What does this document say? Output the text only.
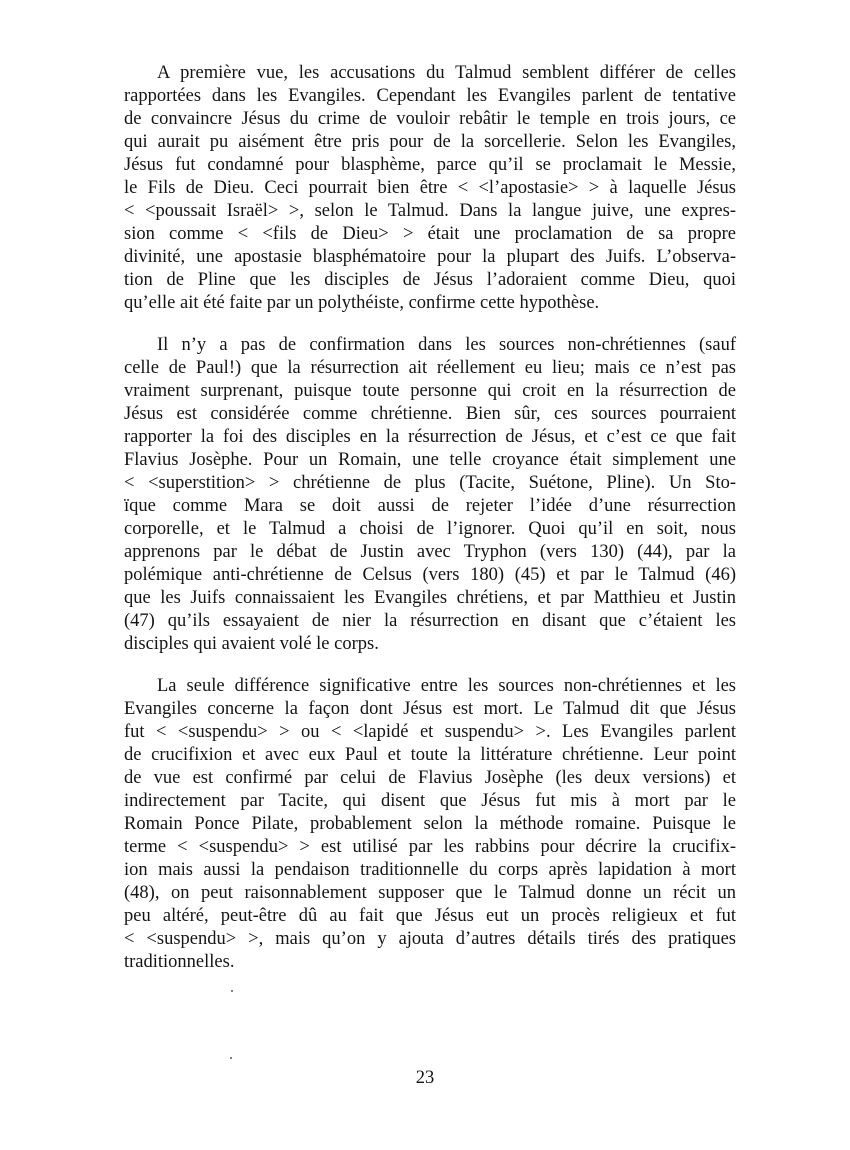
A première vue, les accusations du Talmud semblent différer de celles
rapportées dans les Evangiles. Cependant les Evangiles parlent de tentative
de convaincre Jésus du crime de vouloir rebâtir le temple en trois jours, ce
qui aurait pu aisément être pris pour de la sorcellerie. Selon les Evangiles,
Jésus fut condamné pour blasphème, parce qu’il se proclamait le Messie,
le Fils de Dieu. Ceci pourrait bien être < <l’apostasie> > à laquelle Jésus
< <poussait Israël> >, selon le Talmud. Dans la langue juive, une expres-
sion comme < <fils de Dieu> > était une proclamation de sa propre
divinité, une apostasie blasphématoire pour la plupart des Juifs. L’observa-
tion de Pline que les disciples de Jésus l’adoraient comme Dieu, quoi
qu’elle ait été faite par un polythéiste, confirme cette hypothèse.
Il n’y a pas de confirmation dans les sources non-chrétiennes (sauf
celle de Paul!) que la résurrection ait réellement eu lieu; mais ce n’est pas
vraiment surprenant, puisque toute personne qui croit en la résurrection de
Jésus est considérée comme chrétienne. Bien sûr, ces sources pourraient
rapporter la foi des disciples en la résurrection de Jésus, et c’est ce que fait
Flavius Josèphe. Pour un Romain, une telle croyance était simplement une
< <superstition> > chrétienne de plus (Tacite, Suétone, Pline). Un Sto-
ïque comme Mara se doit aussi de rejeter l’idée d’une résurrection
corporelle, et le Talmud a choisi de l’ignorer. Quoi qu’il en soit, nous
apprenons par le débat de Justin avec Tryphon (vers 130) (44), par la
polémique anti-chrétienne de Celsus (vers 180) (45) et par le Talmud (46)
que les Juifs connaissaient les Evangiles chrétiens, et par Matthieu et Justin
(47) qu’ils essayaient de nier la résurrection en disant que c’étaient les
disciples qui avaient volé le corps.
La seule différence significative entre les sources non-chrétiennes et les
Evangiles concerne la façon dont Jésus est mort. Le Talmud dit que Jésus
fut < <suspendu> > ou < <lapidé et suspendu> >. Les Evangiles parlent
de crucifixion et avec eux Paul et toute la littérature chrétienne. Leur point
de vue est confirmé par celui de Flavius Josèphe (les deux versions) et
indirectement par Tacite, qui disent que Jésus fut mis à mort par le
Romain Ponce Pilate, probablement selon la méthode romaine. Puisque le
terme < <suspendu> > est utilisé par les rabbins pour décrire la crucifix-
ion mais aussi la pendaison traditionnelle du corps après lapidation à mort
(48), on peut raisonnablement supposer que le Talmud donne un récit un
peu altéré, peut-être dû au fait que Jésus eut un procès religieux et fut
< <suspendu> >, mais qu’on y ajouta d’autres détails tirés des pratiques
traditionnelles.
23
